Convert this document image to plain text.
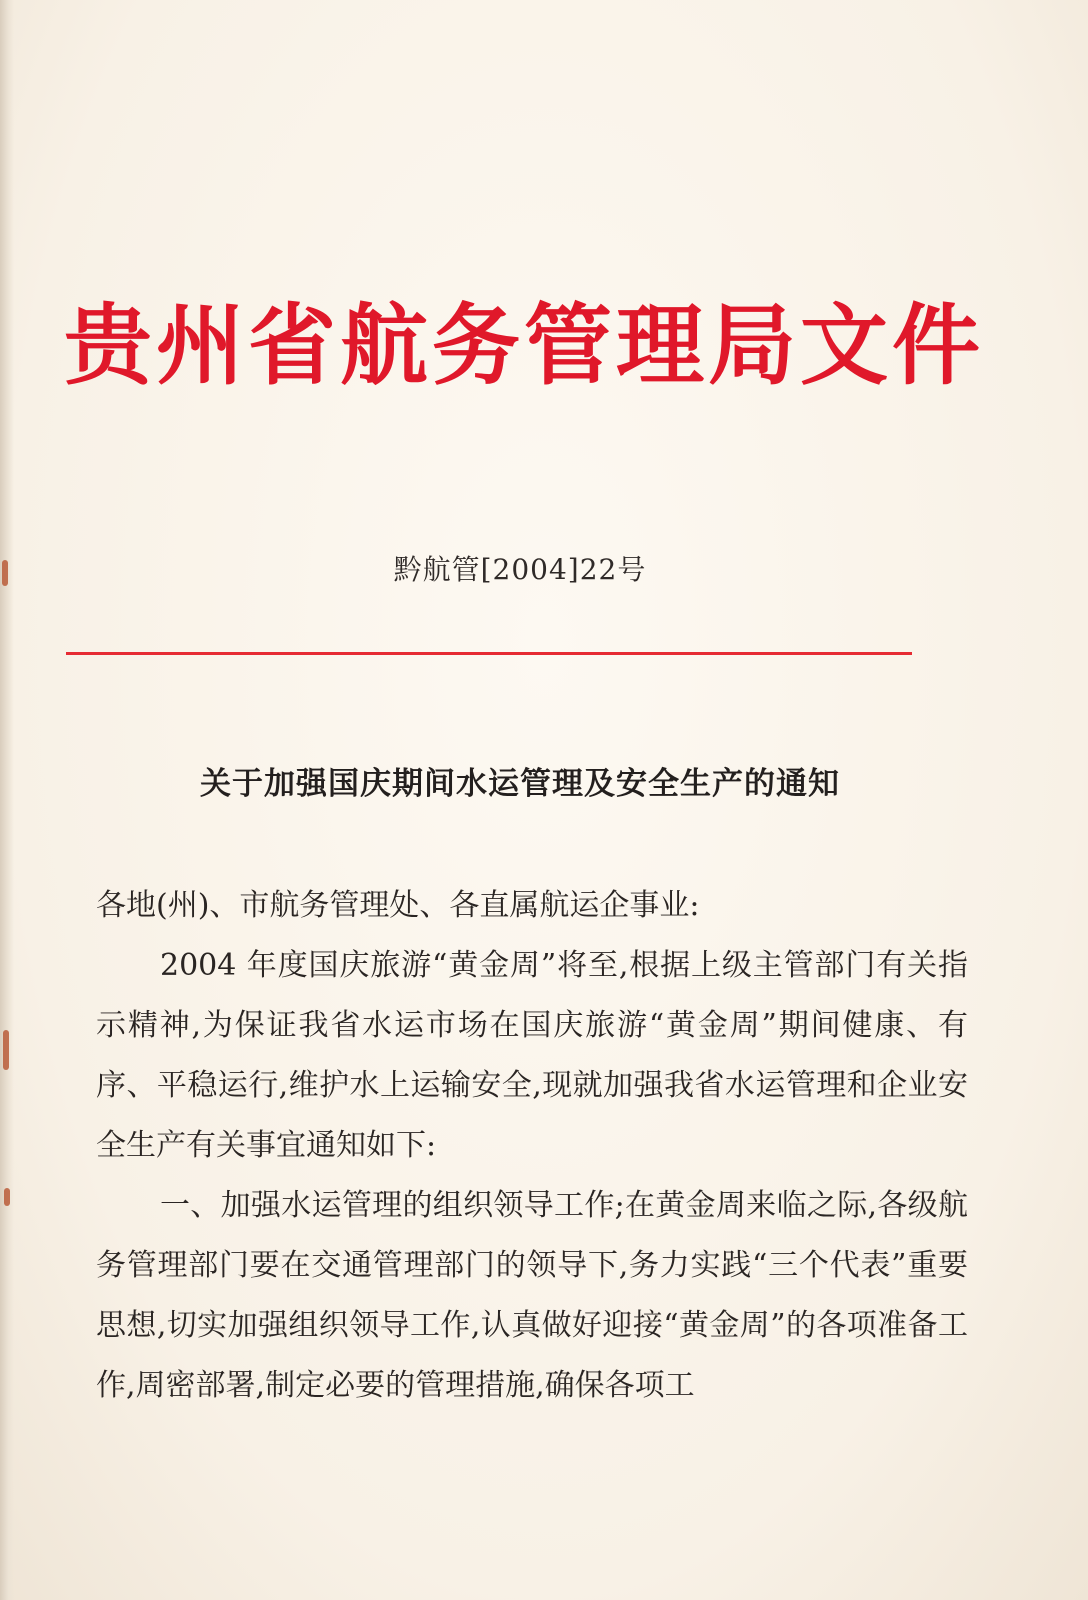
贵州省航务管理局文件
黔航管[2004]22号
关于加强国庆期间水运管理及安全生产的通知

各地(州)、市航务管理处、各直属航运企事业:

2004 年度国庆旅游“黄金周”将至,根据上级主管部门有关指示精神,为保证我省水运市场在国庆旅游“黄金周”期间健康、有序、平稳运行,维护水上运输安全,现就加强我省水运管理和企业安全生产有关事宜通知如下:

一、加强水运管理的组织领导工作;在黄金周来临之际,各级航务管理部门要在交通管理部门的领导下,务力实践“三个代表”重要思想,切实加强组织领导工作,认真做好迎接“黄金周”的各项准备工作,周密部署,制定必要的管理措施,确保各项工
